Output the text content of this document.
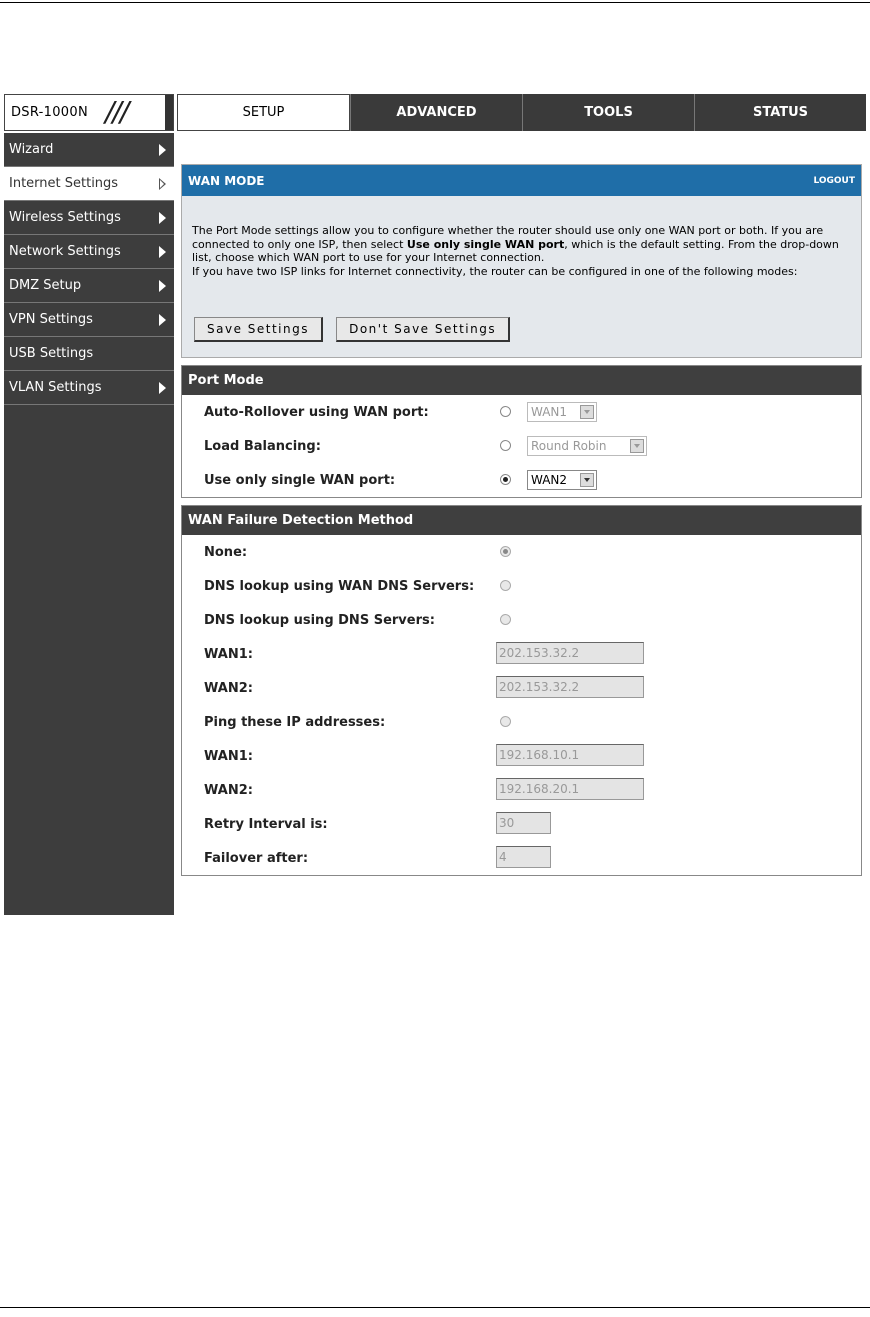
DSR-1000N ///	SETUP	ADVANCED	TOOLS	STATUS
Wizard
Internet Settings
Wireless Settings
Network Settings
DMZ Setup
VPN Settings
USB Settings
VLAN Settings
WAN MODE	LOGOUT
The Port Mode settings allow you to configure whether the router should use only one WAN port or both. If you are connected to only one ISP, then select Use only single WAN port, which is the default setting. From the drop-down list, choose which WAN port to use for your Internet connection.
If you have two ISP links for Internet connectivity, the router can be configured in one of the following modes:
Save Settings	Don't Save Settings
Port Mode
Auto-Rollover using WAN port:	WAN1
Load Balancing:	Round Robin
Use only single WAN port:	WAN2
WAN Failure Detection Method
None:
DNS lookup using WAN DNS Servers:
DNS lookup using DNS Servers:
WAN1:	202.153.32.2
WAN2:	202.153.32.2
Ping these IP addresses:
WAN1:	192.168.10.1
WAN2:	192.168.20.1
Retry Interval is:	30
Failover after:	4
